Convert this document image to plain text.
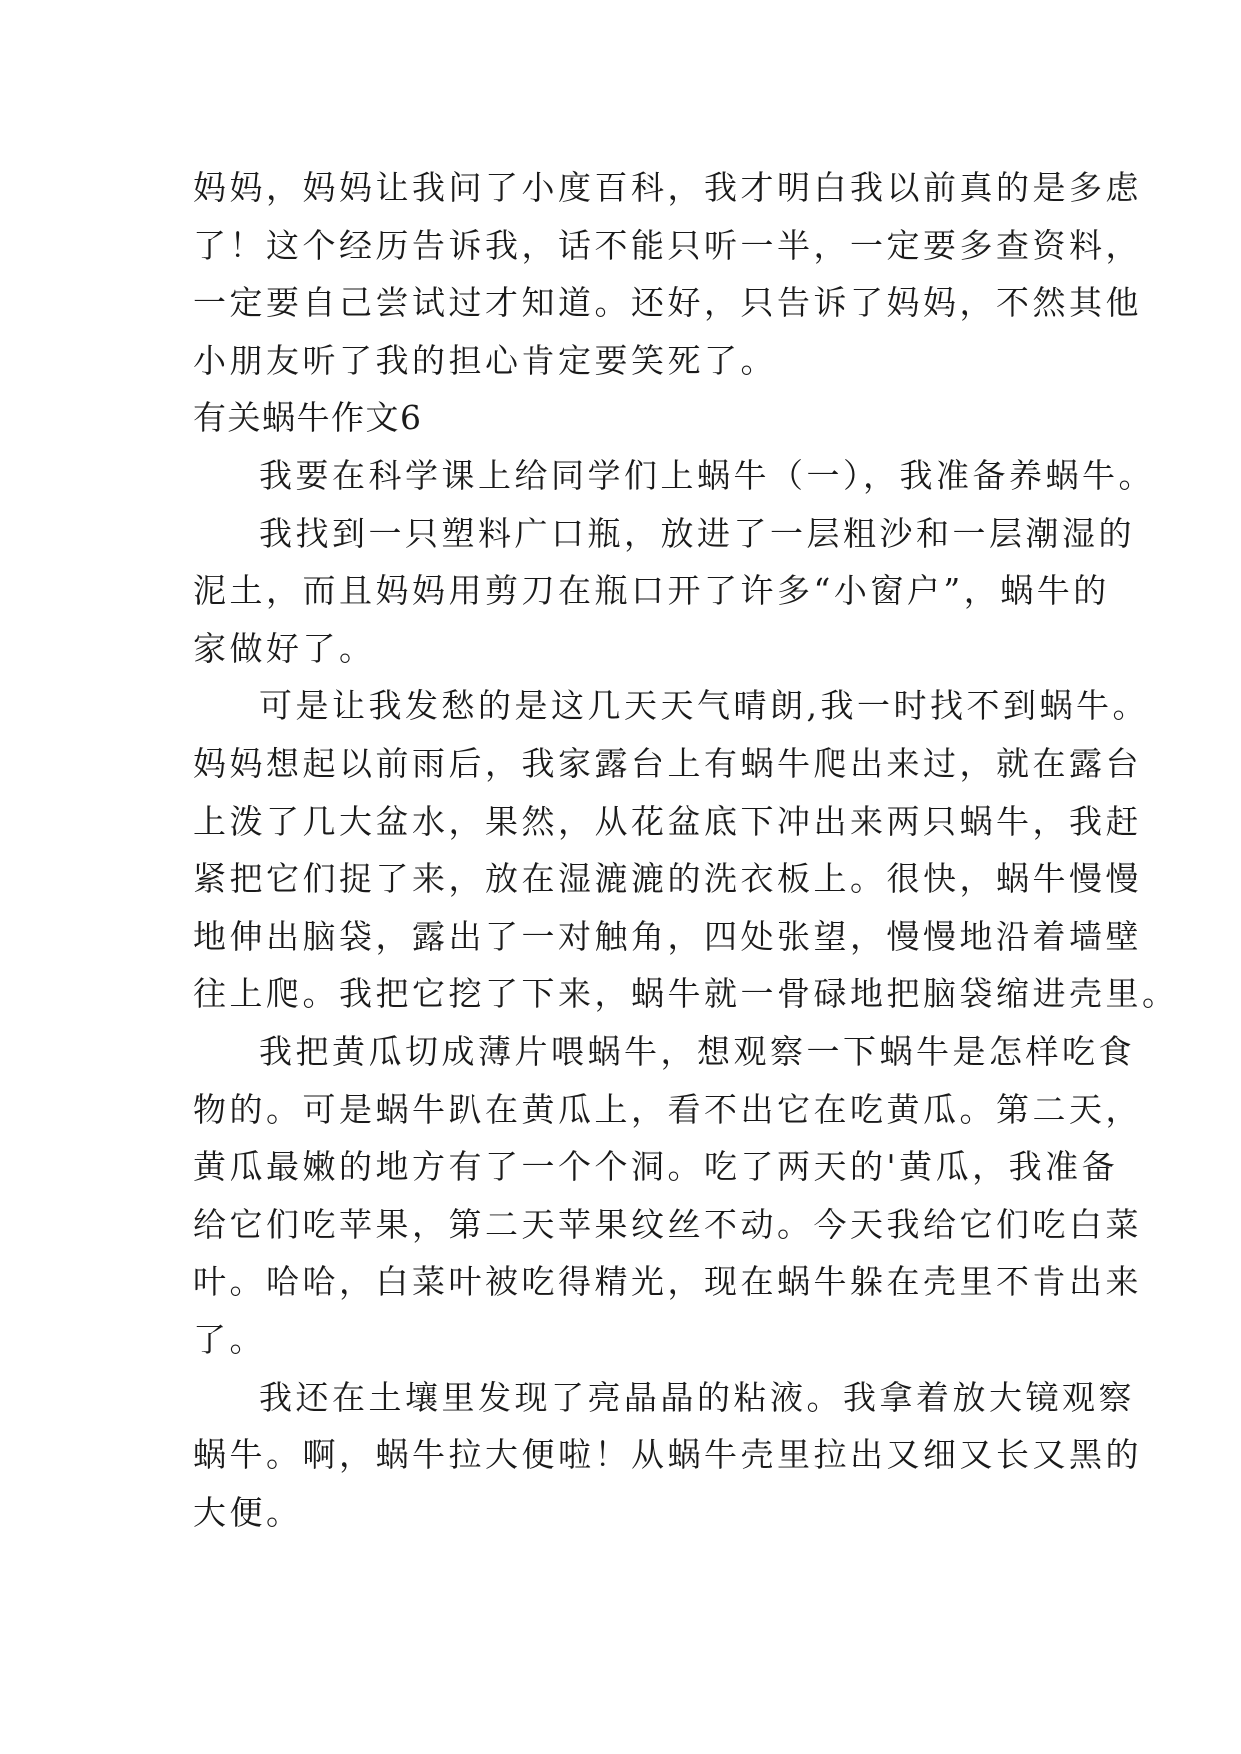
妈妈，妈妈让我问了小度百科，我才明白我以前真的是多虑
了！这个经历告诉我，话不能只听一半，一定要多查资料，
一定要自己尝试过才知道。还好，只告诉了妈妈，不然其他
小朋友听了我的担心肯定要笑死了。
有关蜗牛作文6
我要在科学课上给同学们上蜗牛（一），我准备养蜗牛。
我找到一只塑料广口瓶，放进了一层粗沙和一层潮湿的
泥土，而且妈妈用剪刀在瓶口开了许多“小窗户”，蜗牛的
家做好了。
可是让我发愁的是这几天天气晴朗,我一时找不到蜗牛。
妈妈想起以前雨后，我家露台上有蜗牛爬出来过，就在露台
上泼了几大盆水，果然，从花盆底下冲出来两只蜗牛，我赶
紧把它们捉了来，放在湿漉漉的洗衣板上。很快，蜗牛慢慢
地伸出脑袋，露出了一对触角，四处张望，慢慢地沿着墙壁
往上爬。我把它挖了下来，蜗牛就一骨碌地把脑袋缩进壳里。
我把黄瓜切成薄片喂蜗牛，想观察一下蜗牛是怎样吃食
物的。可是蜗牛趴在黄瓜上，看不出它在吃黄瓜。第二天，
黄瓜最嫩的地方有了一个个洞。吃了两天的'黄瓜，我准备
给它们吃苹果，第二天苹果纹丝不动。今天我给它们吃白菜
叶。哈哈，白菜叶被吃得精光，现在蜗牛躲在壳里不肯出来
了。
我还在土壤里发现了亮晶晶的粘液。我拿着放大镜观察
蜗牛。啊，蜗牛拉大便啦！从蜗牛壳里拉出又细又长又黑的
大便。
